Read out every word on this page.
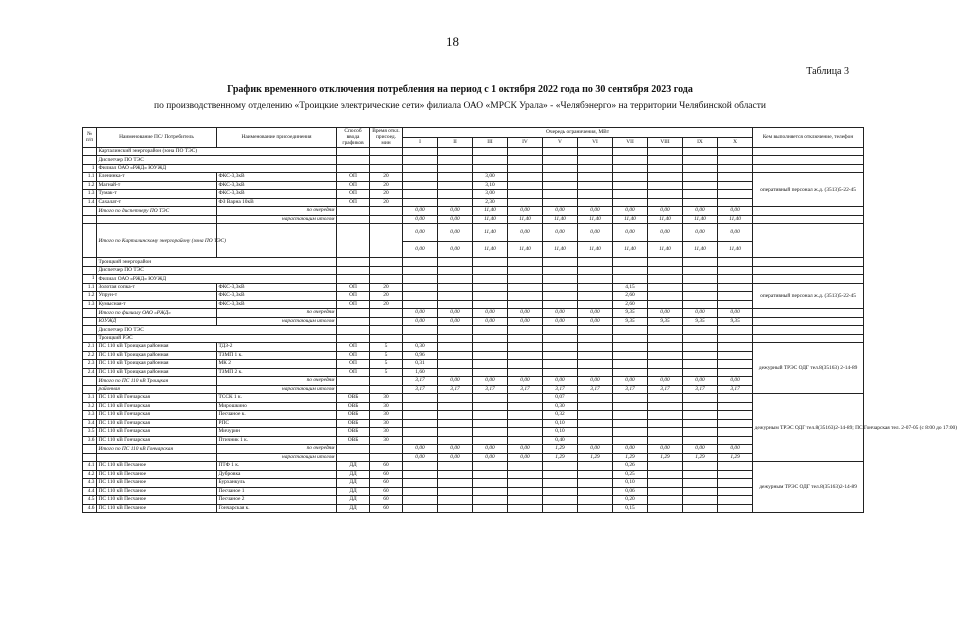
18
Таблица 3
График временного отключения потребления на период с 1 октября 2022 года по 30 сентября 2023 года
по производственному отделению «Троицкие электрические сети» филиала ОАО «МРСК Урала» - «Челябэнерго» на территории Челябинской области
№ п/п	Наименование ПС/ Потребитель	Наименование присоединения	Способ ввода графиков	Время откл. присоед. мин	Очередь ограничения, МВт										Кем выполняется отключение, телефон
					I	II	III	IV	V	VI	VII	VIII	IX	X	
	Карталинский энергорайон (зона ПО ТЭС)														
	Диспетчер ПО ТЭС														
1	Филиал ОАО «РЖД» ЮУЖД														
1.1	Еленинка-т	ФКС-3,3кВ	ОП	20			3,00								оперативный персонал ж.д. (3513)5-22-45
1.2	Магнай-т	ФКС-3,3кВ	ОП	20			3,10								
1.3	Тумак-т	ФКС-3,3кВ	ОП	20			3,00								
1.4	Сахалат-т	ФЗ Варна 10кВ	ОП	20			2,30								
	Итого по диспетчеру ПО ТЭС	по очередям			0,00	0,00	11,40	0,00	0,00	0,00	0,00	0,00	0,00	0,00	
		нарастающим итогом			0,00	0,00	11,40	11,40	11,40	11,40	11,40	11,40	11,40	11,40	
	Итого по Карталинскому энергорайону (зона ПО ТЭС)				0,00	0,00	11,40	0,00	0,00	0,00	0,00	0,00	0,00	0,00	
					0,00	0,00	11,40	11,40	11,40	11,40	11,40	11,40	11,40	11,40	
	Троицкий энергорайон														
	Диспетчер ПО ТЭС														
1	Филиал ОАО «РЖД» ЮУЖД														
1.1	Золотая сопка-т	ФКС-3,3кВ	ОП	20							4,15				оперативный персонал ж.д. (3513)5-22-45
1.2	Упрун-т	ФКС-3,3кВ	ОП	20							2,60				
1.3	Кумысная-т	ФКС-3,3кВ	ОП	20							2,60				
	Итого по филиалу ОАО «РЖД»	по очередям			0,00	0,00	0,00	0,00	0,00	0,00	9,35	0,00	0,00	0,00	
	ЮУЖД	нарастающим итогом			0,00	0,00	0,00	0,00	0,00	0,00	9,35	9,35	9,35	9,35	
	Диспетчер ПО ТЭС														
	Троицкий РЭС														
2.1	ПС 110 кВ Троицкая районная	ТДЗ-2	ОП	5	0,30										дежурный ТРЭС ОДГ тел.8(35163) 2-14-89
2.2	ПС 110 кВ Троицкая районная	ТЗМП 1 к.	ОП	5	0,96										
2.3	ПС 110 кВ Троицкая районная	МК 2	ОП	5	0,31										
2.4	ПС 110 кВ Троицкая районная	ТЗМП 2 к.	ОП	5	1,60										
	Итого по ПС 110 кВ Троицкая	по очередям			3,17	0,00	0,00	0,00	0,00	0,00	0,00	0,00	0,00	0,00	
	районная	нарастающим итогом			3,17	3,17	3,17	3,17	3,17	3,17	3,17	3,17	3,17	3,17	
3.1	ПС 110 кВ Гончарская	ТССК 1 к.	ОВБ	30					0,07						дежурным ТРЭС ОДГ тел.8(35163)2-14-89; ПС Гончарская тел. 2-07-05 (с 8:00 до 17:00)
3.2	ПС 110 кВ Гончарская	Мирошкино	ОВБ	30					0,30						
3.3	ПС 110 кВ Гончарская	Песчаное к.	ОВБ	30					0,32						
3.4	ПС 110 кВ Гончарская	РПС	ОВБ	30					0,10						
3.5	ПС 110 кВ Гончарская	Мичурин	ОВБ	30					0,10						
3.6	ПС 110 кВ Гончарская	Птичник 1 к.	ОВБ	30					0,40						
	Итого по ПС 110 кВ Гончарская	по очередям			0,00	0,00	0,00	0,00	1,29	0,00	0,00	0,00	0,00	0,00	
		нарастающим итогом			0,00	0,00	0,00	0,00	1,29	1,29	1,29	1,29	1,29	1,29	
4.1	ПС 110 кВ Песчаное	ПТФ 1 к.	ДД	60							0,26				дежурным ТРЭС ОДГ тел.8(35163)2-14-89
4.2	ПС 110 кВ Песчаное	Дубровка	ДД	60							0,25				
4.3	ПС 110 кВ Песчаное	Бурханкуль	ДД	60							0,10				
4.4	ПС 110 кВ Песчаное	Песчаное 1	ДД	60							0,06				
4.5	ПС 110 кВ Песчаное	Песчаное 2	ДД	60							0,20				
4.6	ПС 110 кВ Песчаное	Гончарская к.	ДД	60							0,15				
